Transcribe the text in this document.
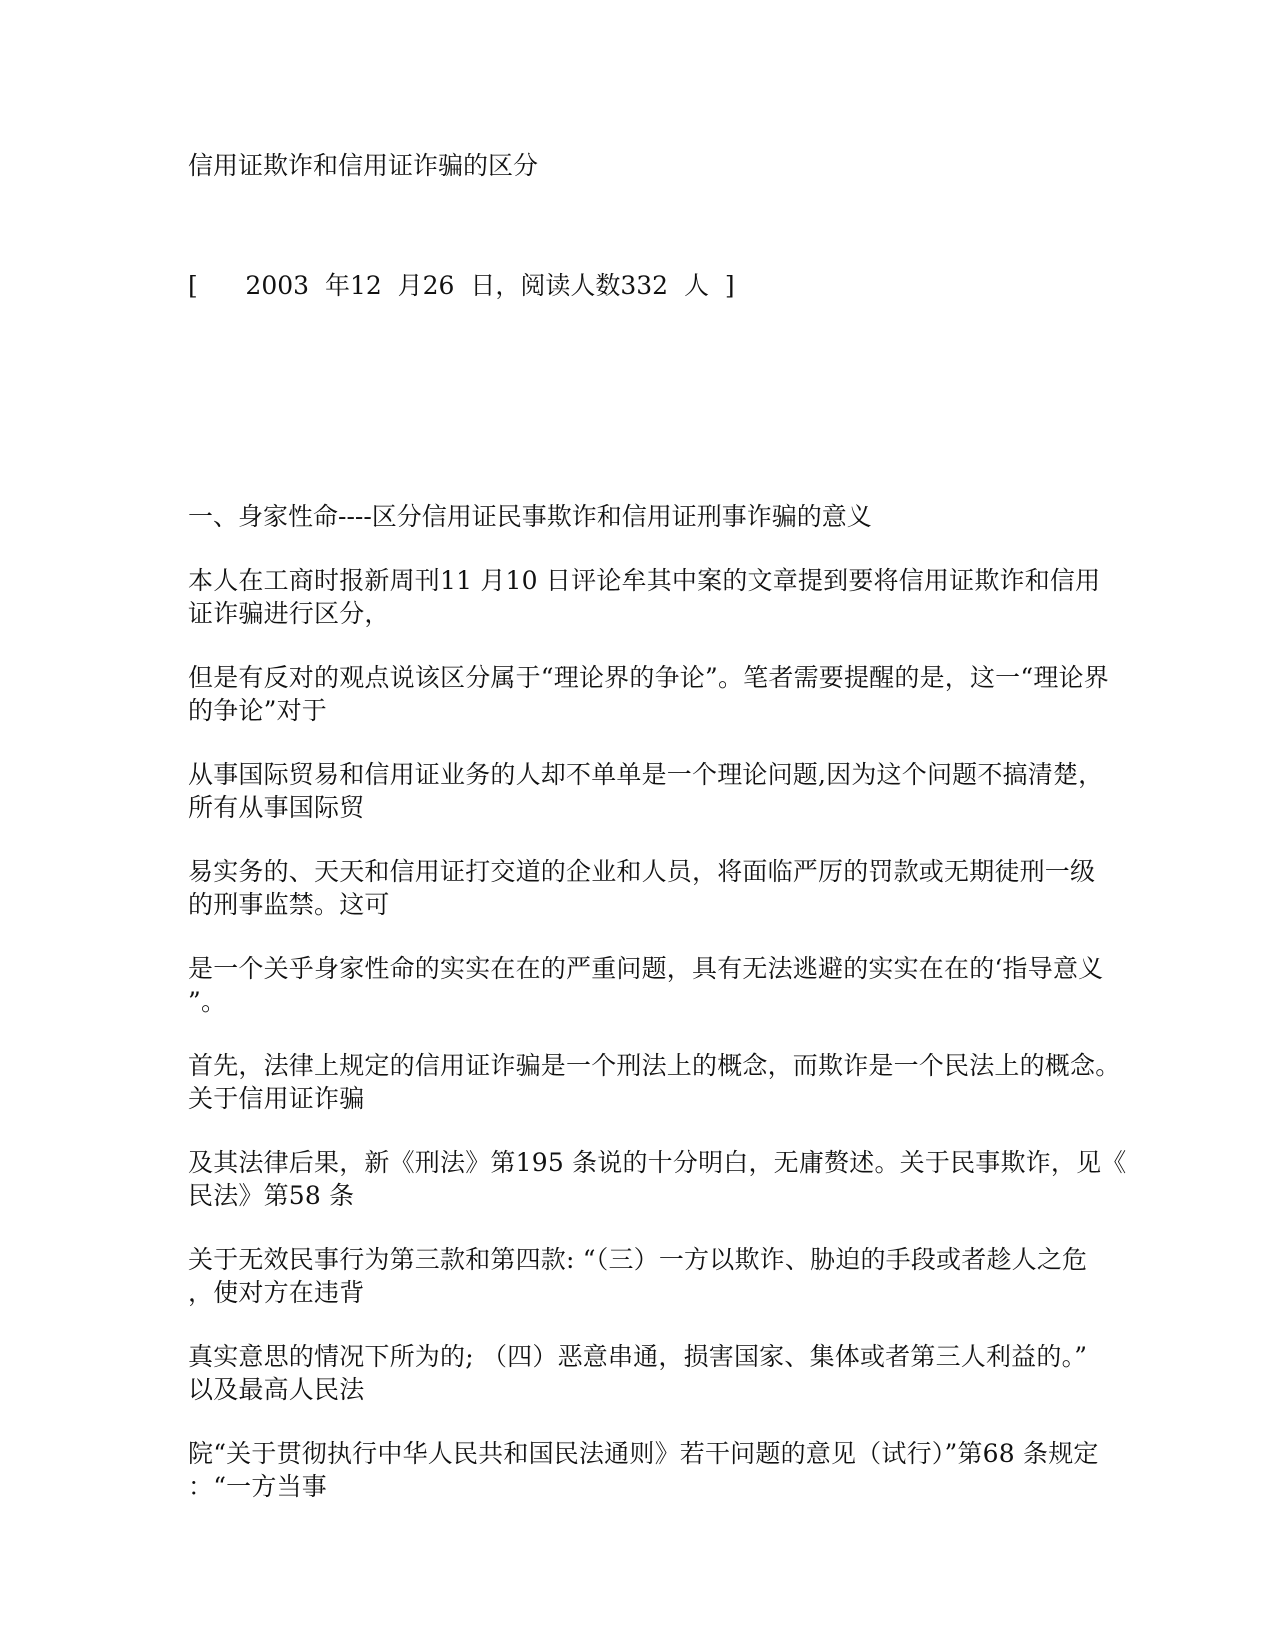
信用证欺诈和信用证诈骗的区分
[      2003  年12  月26  日，阅读人数332  人  ]
一、身家性命----区分信用证民事欺诈和信用证刑事诈骗的意义
本人在工商时报新周刊11 月10 日评论牟其中案的文章提到要将信用证欺诈和信用
证诈骗进行区分，
但是有反对的观点说该区分属于“理论界的争论”。笔者需要提醒的是，这一“理论界
的争论”对于
从事国际贸易和信用证业务的人却不单单是一个理论问题,因为这个问题不搞清楚，
所有从事国际贸
易实务的、天天和信用证打交道的企业和人员，将面临严厉的罚款或无期徒刑一级
的刑事监禁。这可
是一个关乎身家性命的实实在在的严重问题，具有无法逃避的实实在在的‘指导意义
”。
首先，法律上规定的信用证诈骗是一个刑法上的概念，而欺诈是一个民法上的概念。
关于信用证诈骗
及其法律后果，新《刑法》第195 条说的十分明白，无庸赘述。关于民事欺诈，见《
民法》第58 条
关于无效民事行为第三款和第四款: “（三）一方以欺诈、胁迫的手段或者趁人之危
，使对方在违背
真实意思的情况下所为的; （四）恶意串通，损害国家、集体或者第三人利益的。”
以及最高人民法
院“关于贯彻执行中华人民共和国民法通则》若干问题的意见（试行）”第68 条规定
：“一方当事
